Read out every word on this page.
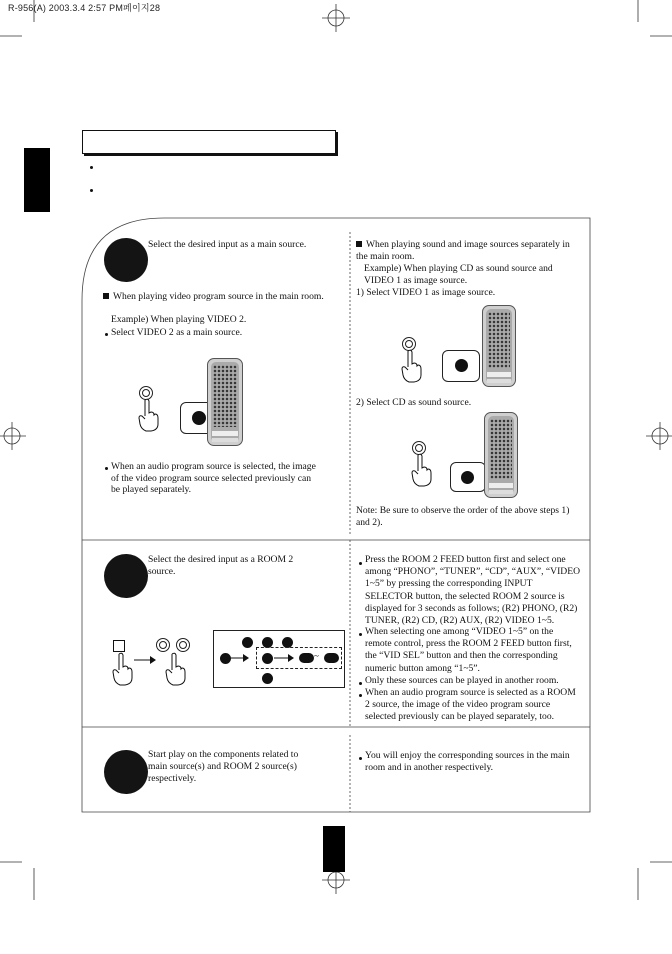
R-956(A) 2003.3.4 2:57 PM페이지28
Select the desired input as a main source.
When playing video program source in the main room.
Example) When playing VIDEO 2.
Select VIDEO 2 as a main source.
When an audio program source is selected, the image of the video program source selected previously can be played separately.
When playing sound and image sources separately in the main room.
Example) When playing CD as sound source and VIDEO 1 as image source.
1) Select VIDEO 1 as image source.
2) Select CD as sound source.
Note: Be sure to observe the order of the above steps 1) and 2).
Select the desired input as a ROOM 2 source.
~
Press the ROOM 2 FEED button first and select one among “PHONO”, “TUNER”, “CD”, “AUX”, “VIDEO 1~5” by pressing the corresponding INPUT SELECTOR button, the selected ROOM 2 source is displayed for 3 seconds as follows; (R2) PHONO, (R2) TUNER, (R2) CD, (R2) AUX, (R2) VIDEO 1~5.
When selecting one among “VIDEO 1~5” on the remote control, press the ROOM 2 FEED button first, the “VID SEL” button and then the corresponding numeric button among “1~5”.
Only these sources can be played in another room.
When an audio program source is selected as a ROOM 2 source, the image of the video program source selected previously can be played separately, too.
Start play on the components related to main source(s) and ROOM 2 source(s) respectively.
You will enjoy the corresponding sources in the main room and in another respectively.
